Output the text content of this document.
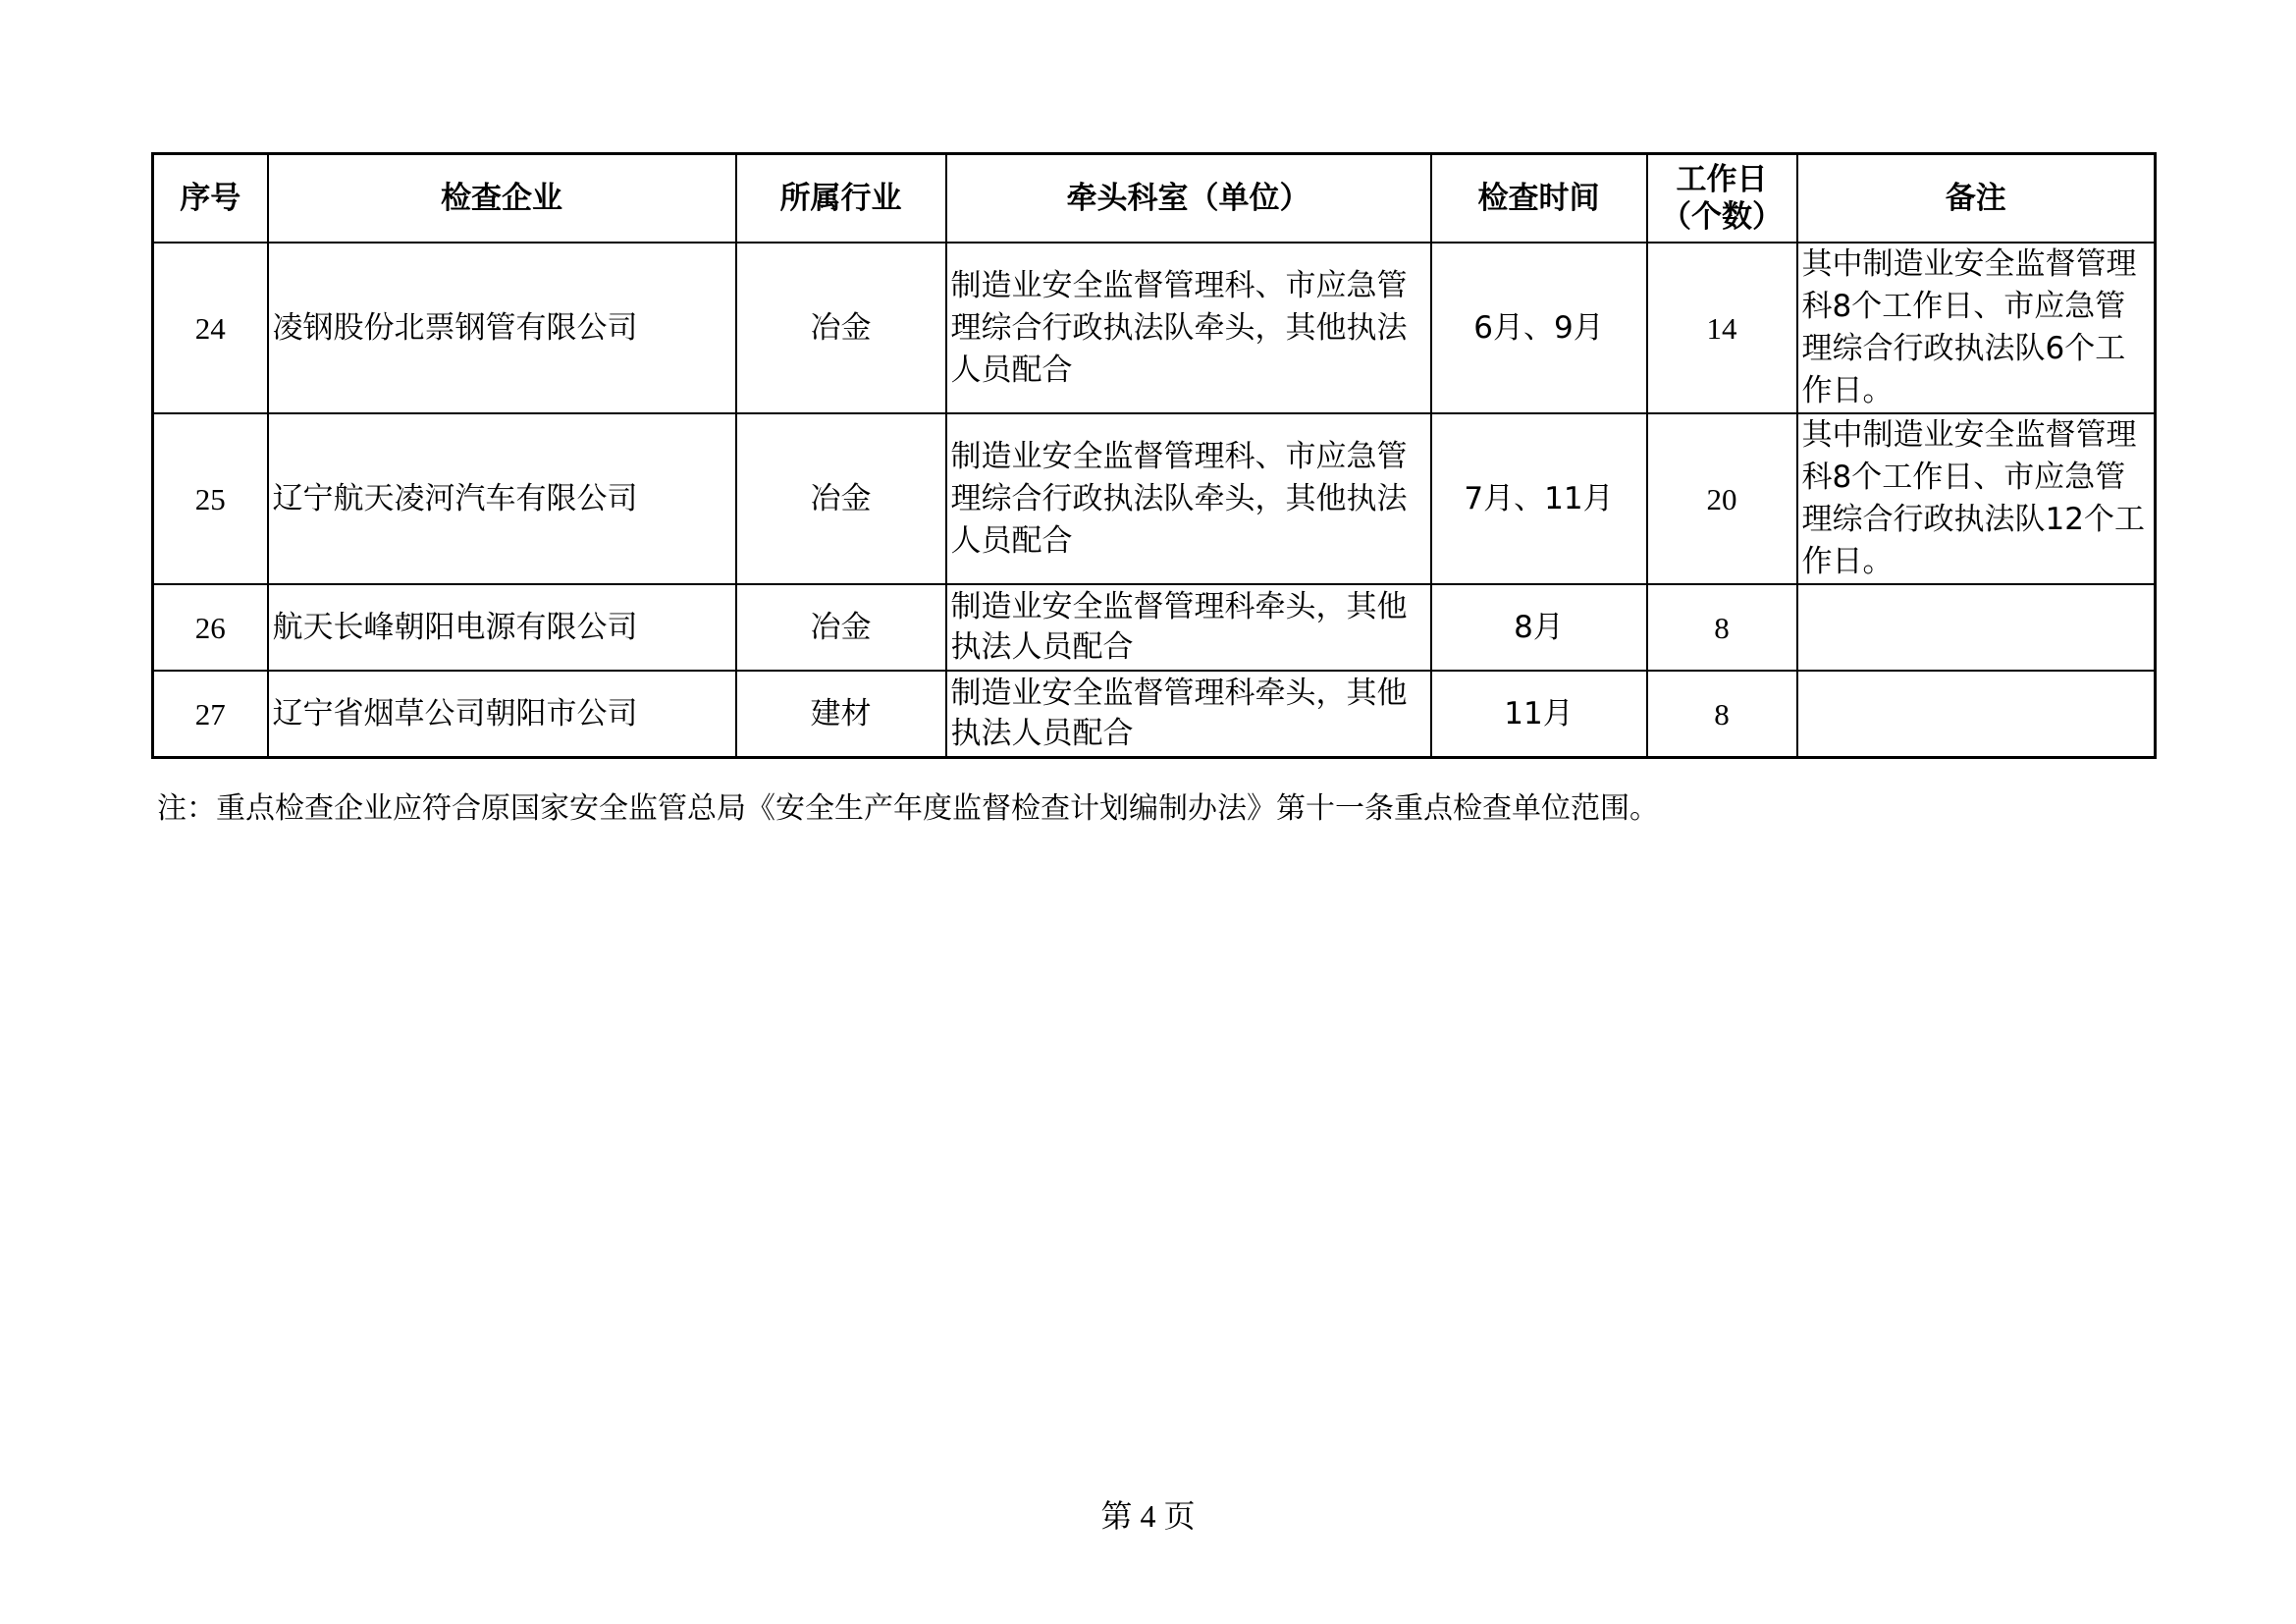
序号	检查企业	所属行业	牵头科室（单位）	检查时间	工作日（个数）	备注
24	凌钢股份北票钢管有限公司	冶金	制造业安全监督管理科、市应急管理综合行政执法队牵头，其他执法人员配合	6月、9月	14	其中制造业安全监督管理科8个工作日、市应急管理综合行政执法队6个工作日。
25	辽宁航天凌河汽车有限公司	冶金	制造业安全监督管理科、市应急管理综合行政执法队牵头，其他执法人员配合	7月、11月	20	其中制造业安全监督管理科8个工作日、市应急管理综合行政执法队12个工作日。
26	航天长峰朝阳电源有限公司	冶金	制造业安全监督管理科牵头，其他执法人员配合	8月	8	
27	辽宁省烟草公司朝阳市公司	建材	制造业安全监督管理科牵头，其他执法人员配合	11月	8	
注：重点检查企业应符合原国家安全监管总局《安全生产年度监督检查计划编制办法》第十一条重点检查单位范围。
第 4 页
